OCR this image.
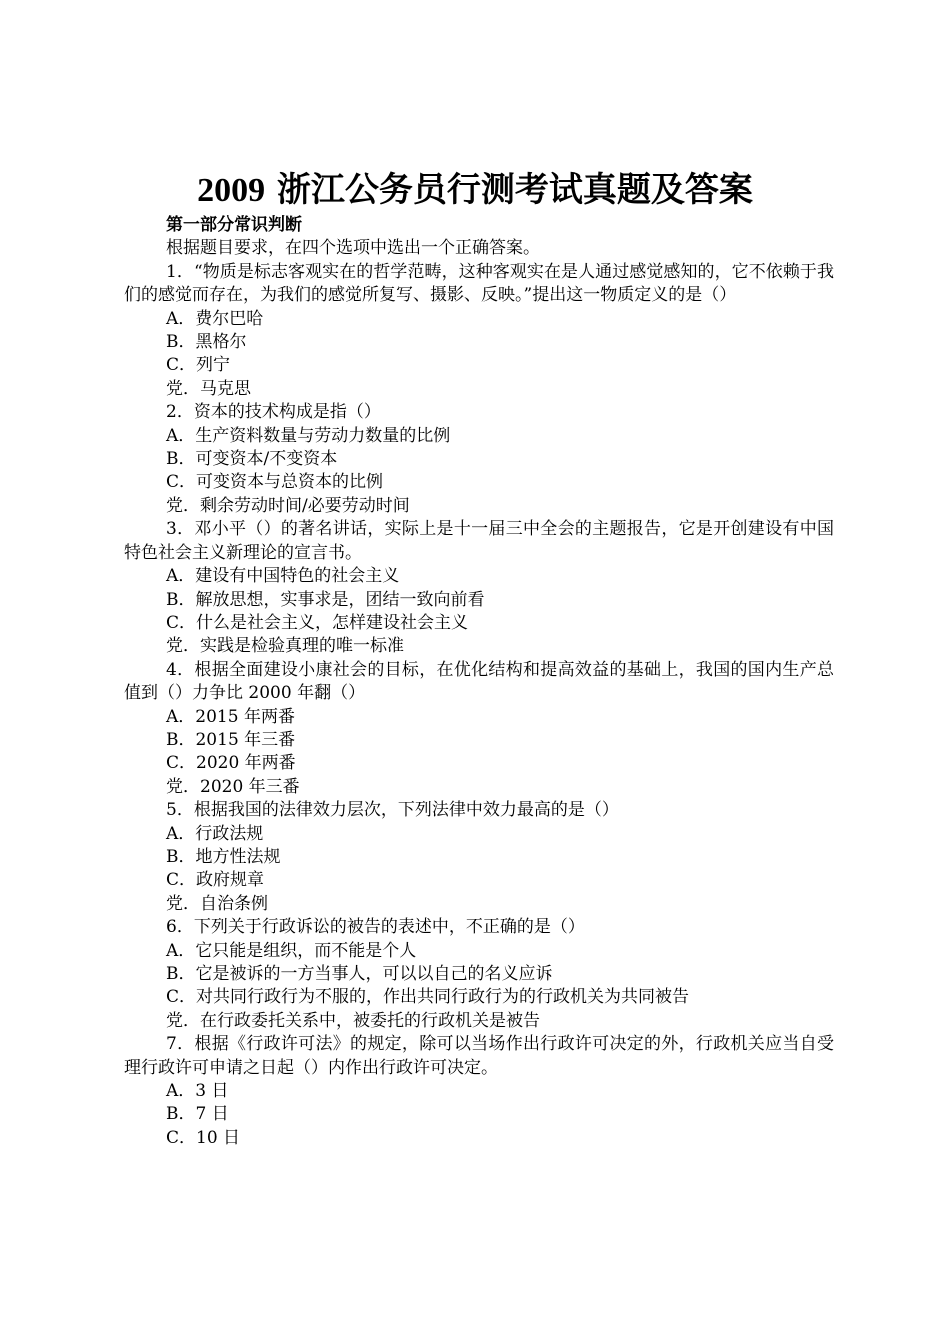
2009 浙江公务员行测考试真题及答案

第一部分常识判断

根据题目要求，在四个选项中选出一个正确答案。

1．“物质是标志客观实在的哲学范畴，这种客观实在是人通过感觉感知的，它不依赖于我们的感觉而存在，为我们的感觉所复写、摄影、反映。”提出这一物质定义的是（）

A．费尔巴哈

B．黑格尔

C．列宁

党．马克思

2．资本的技术构成是指（）

A．生产资料数量与劳动力数量的比例

B．可变资本/不变资本

C．可变资本与总资本的比例

党．剩余劳动时间/必要劳动时间

3．邓小平（）的著名讲话，实际上是十一届三中全会的主题报告，它是开创建设有中国特色社会主义新理论的宣言书。

A．建设有中国特色的社会主义

B．解放思想，实事求是，团结一致向前看

C．什么是社会主义，怎样建设社会主义

党．实践是检验真理的唯一标准

4．根据全面建设小康社会的目标，在优化结构和提高效益的基础上，我国的国内生产总值到（）力争比 2000 年翻（）

A．2015 年两番

B．2015 年三番

C．2020 年两番

党．2020 年三番

5．根据我国的法律效力层次，下列法律中效力最高的是（）

A．行政法规

B．地方性法规

C．政府规章

党．自治条例

6．下列关于行政诉讼的被告的表述中，不正确的是（）

A．它只能是组织，而不能是个人

B．它是被诉的一方当事人，可以以自己的名义应诉

C．对共同行政行为不服的，作出共同行政行为的行政机关为共同被告

党．在行政委托关系中，被委托的行政机关是被告

7．根据《行政许可法》的规定，除可以当场作出行政许可决定的外，行政机关应当自受理行政许可申请之日起（）内作出行政许可决定。

A．3 日

B．7 日

C．10 日
